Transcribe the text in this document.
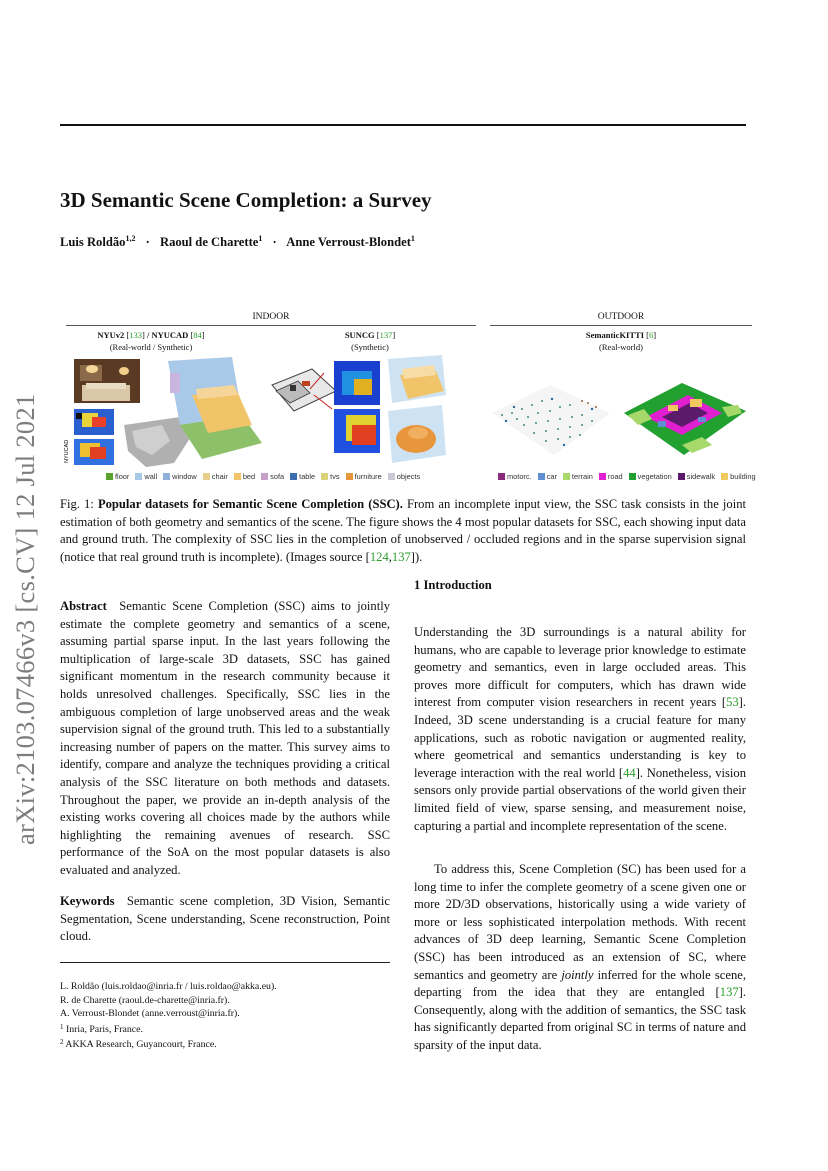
arXiv:2103.07466v3 [cs.CV] 12 Jul 2021
3D Semantic Scene Completion: a Survey
Luis Roldão$^{1,2}$ · Raoul de Charette$^1$ · Anne Verroust-Blondet$^1$
INDOOR	OUTDOOR
NYUv2 [133] / NYUCAD [84]
(Real-world / Synthetic)
SUNCG [137]
(Synthetic)
SemanticKITTI [6]
(Real-world)
NYUCAD
floor wall window chair bed sofa table tvs furniture objects	motorc. car terrain road vegetation sidewalk building
Fig. 1: Popular datasets for Semantic Scene Completion (SSC). From an incomplete input view, the SSC task consists in the joint estimation of both geometry and semantics of the scene. The figure shows the 4 most popular datasets for SSC, each showing input data and ground truth. The complexity of SSC lies in the completion of unobserved / occluded regions and in the sparse supervision signal (notice that real ground truth is incomplete). (Images source [124,137]).

Abstract Semantic Scene Completion (SSC) aims to jointly estimate the complete geometry and semantics of a scene, assuming partial sparse input. In the last years following the multiplication of large-scale 3D datasets, SSC has gained significant momentum in the research community because it holds unresolved challenges. Specifically, SSC lies in the ambiguous completion of large unobserved areas and the weak supervision signal of the ground truth. This led to a substantially increasing number of papers on the matter. This survey aims to identify, compare and analyze the techniques providing a critical analysis of the SSC literature on both methods and datasets. Throughout the paper, we provide an in-depth analysis of the existing works covering all choices made by the authors while highlighting the remaining avenues of research. SSC performance of the SoA on the most popular datasets is also evaluated and analyzed.

Keywords Semantic scene completion, 3D Vision, Semantic Segmentation, Scene understanding, Scene reconstruction, Point cloud.

L. Roldão (luis.roldao@inria.fr / luis.roldao@akka.eu).
R. de Charette (raoul.de-charette@inria.fr).
A. Verroust-Blondet (anne.verroust@inria.fr).
$^1$ Inria, Paris, France.
$^2$ AKKA Research, Guyancourt, France.
1 Introduction

Understanding the 3D surroundings is a natural ability for humans, who are capable to leverage prior knowledge to estimate geometry and semantics, even in large occluded areas. This proves more difficult for computers, which has drawn wide interest from computer vision researchers in recent years [53]. Indeed, 3D scene understanding is a crucial feature for many applications, such as robotic navigation or augmented reality, where geometrical and semantics understanding is key to leverage interaction with the real world [44]. Nonetheless, vision sensors only provide partial observations of the world given their limited field of view, sparse sensing, and measurement noise, capturing a partial and incomplete representation of the scene.

To address this, Scene Completion (SC) has been used for a long time to infer the complete geometry of a scene given one or more 2D/3D observations, historically using a wide variety of more or less sophisticated interpolation methods. With recent advances of 3D deep learning, Semantic Scene Completion (SSC) has been introduced as an extension of SC, where semantics and geometry are jointly inferred for the whole scene, departing from the idea that they are entangled [137]. Consequently, along with the addition of semantics, the SSC task has significantly departed from original SC in terms of nature and sparsity of the input data.
